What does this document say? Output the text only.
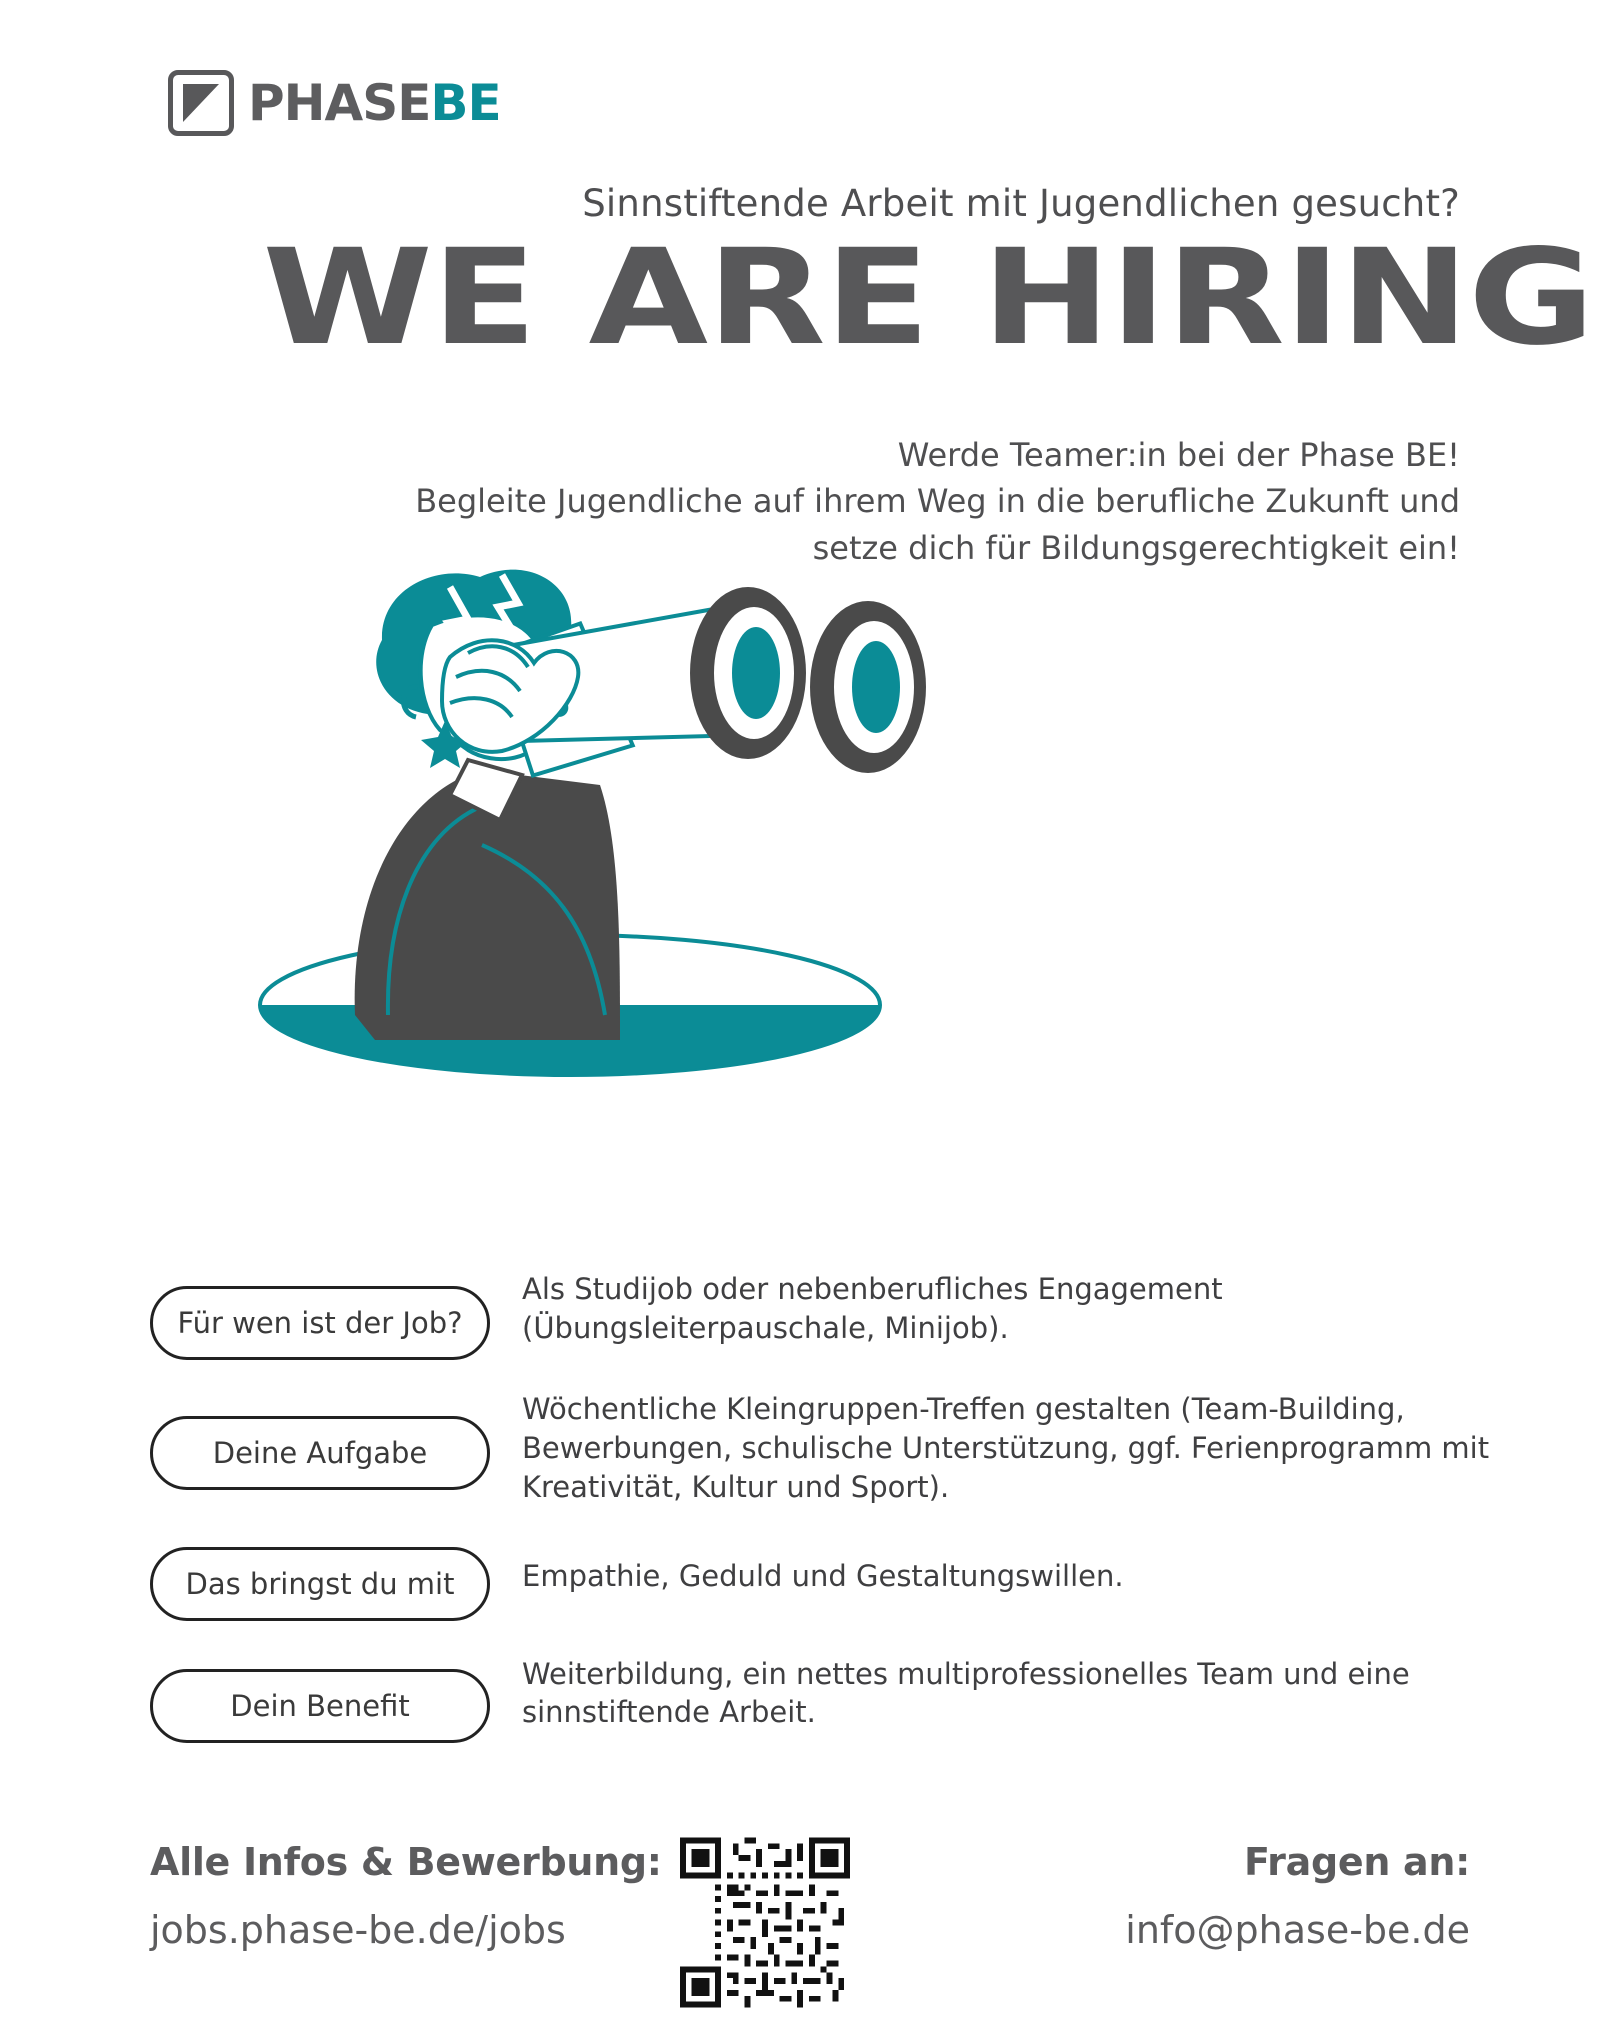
PHASEBE
Sinnstiftende Arbeit mit Jugendlichen gesucht?
WE ARE HIRING
Werde Teamer:in bei der Phase BE!
Begleite Jugendliche auf ihrem Weg in die berufliche Zukunft und
setze dich für Bildungsgerechtigkeit ein!
Für wen ist der Job?
Als Studijob oder nebenberufliches Engagement (Übungsleiterpauschale, Minijob).
Deine Aufgabe
Wöchentliche Kleingruppen-Treffen gestalten (Team-Building, Bewerbungen, schulische Unterstützung, ggf. Ferienprogramm mit Kreativität, Kultur und Sport).
Das bringst du mit	Empathie, Geduld und Gestaltungswillen.
Dein Benefit
Weiterbildung, ein nettes multiprofessionelles Team und eine sinnstiftende Arbeit.
Alle Infos & Bewerbung:
jobs.phase-be.de/jobs
Fragen an:
info@phase-be.de
